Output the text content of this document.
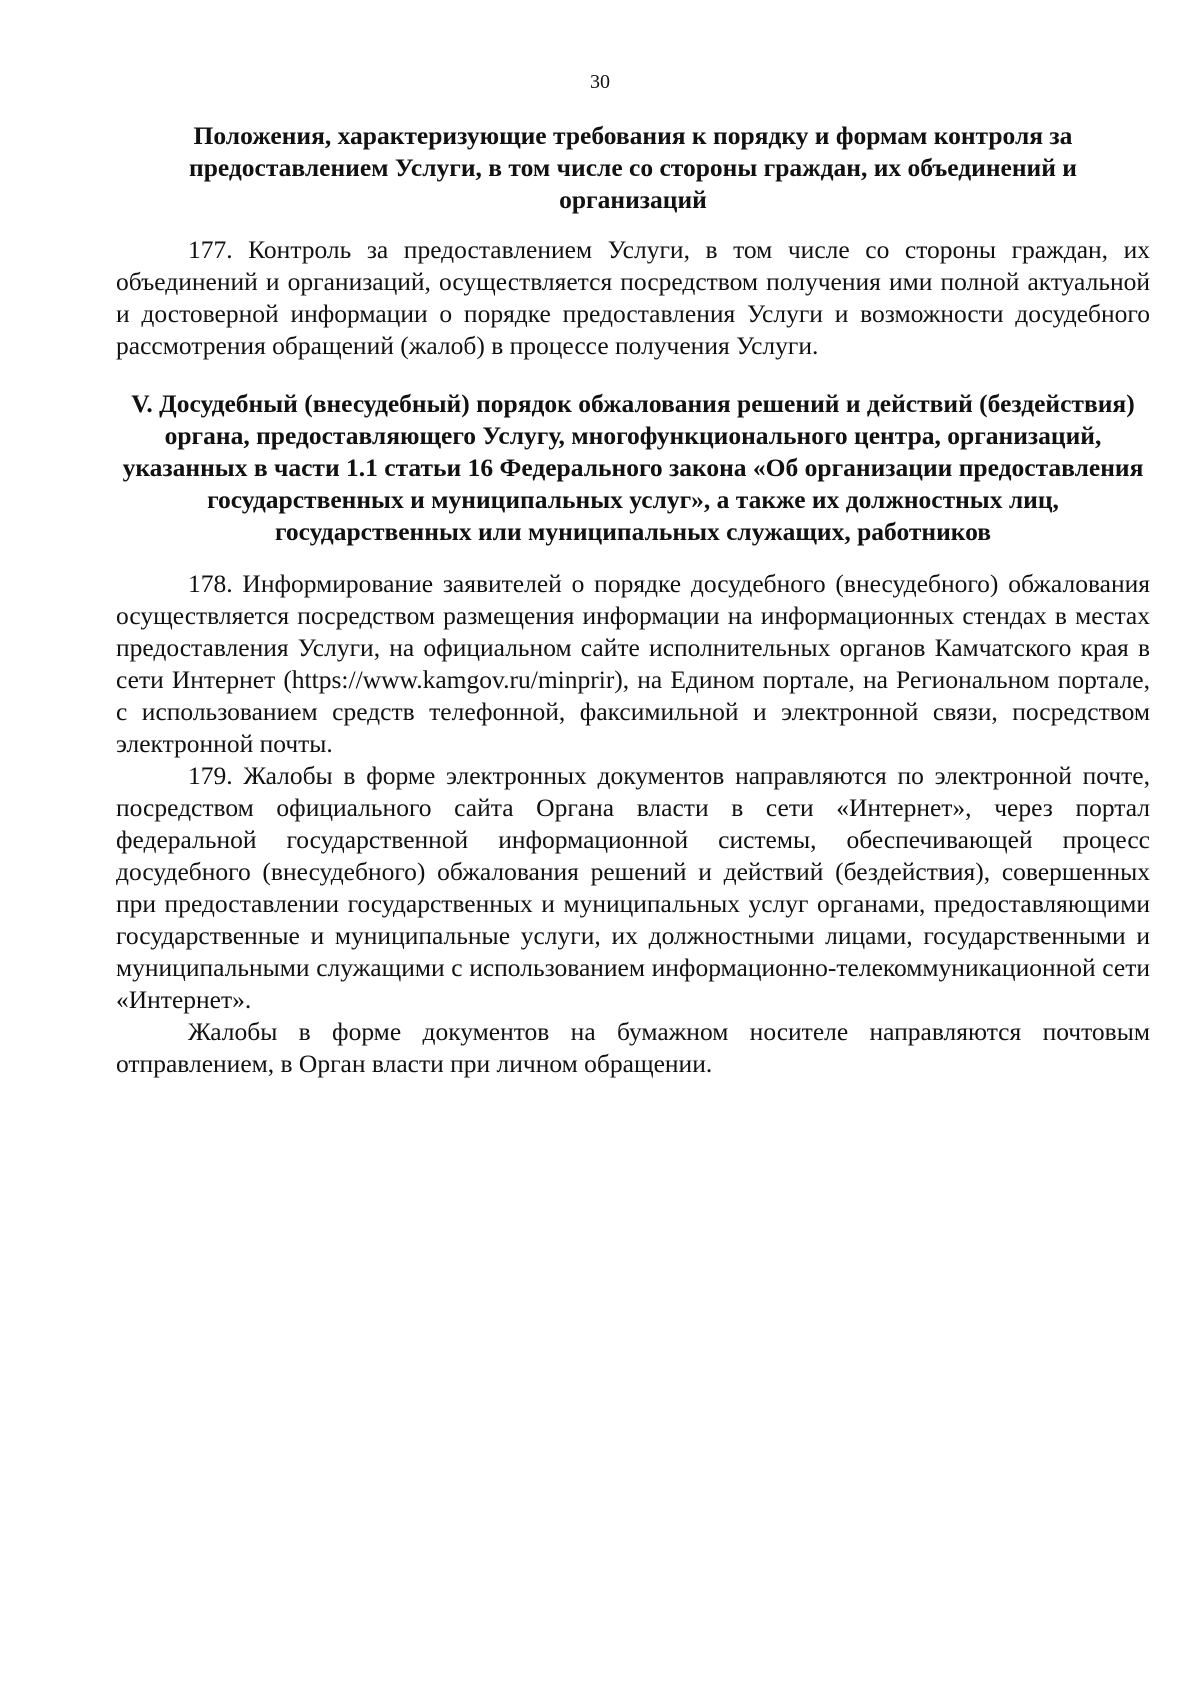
30
Положения, характеризующие требования к порядку и формам контроля за предоставлением Услуги, в том числе со стороны граждан, их объединений и организаций

177. Контроль за предоставлением Услуги, в том числе со стороны граждан, их объединений и организаций, осуществляется посредством получения ими полной актуальной и достоверной информации о порядке предоставления Услуги и возможности досудебного рассмотрения обращений (жалоб) в процессе получения Услуги.

V. Досудебный (внесудебный) порядок обжалования решений и действий (бездействия) органа, предоставляющего Услугу, многофункционального центра, организаций, указанных в части 1.1 статьи 16 Федерального закона «Об организации предоставления государственных и муниципальных услуг», а также их должностных лиц, государственных или муниципальных служащих, работников

178. Информирование заявителей о порядке досудебного (внесудебного) обжалования осуществляется посредством размещения информации на информационных стендах в местах предоставления Услуги, на официальном сайте исполнительных органов Камчатского края в сети Интернет (https://www.kamgov.ru/minprir), на Едином портале, на Региональном портале, с использованием средств телефонной, факсимильной и электронной связи, посредством электронной почты.

179. Жалобы в форме электронных документов направляются по электронной почте, посредством официального сайта Органа власти в сети «Интернет», через портал федеральной государственной информационной системы, обеспечивающей процесс досудебного (внесудебного) обжалования решений и действий (бездействия), совершенных при предоставлении государственных и муниципальных услуг органами, предоставляющими государственные и муниципальные услуги, их должностными лицами, государственными и муниципальными служащими с использованием информационно-телекоммуникационной сети «Интернет».

Жалобы в форме документов на бумажном носителе направляются почтовым отправлением, в Орган власти при личном обращении.
